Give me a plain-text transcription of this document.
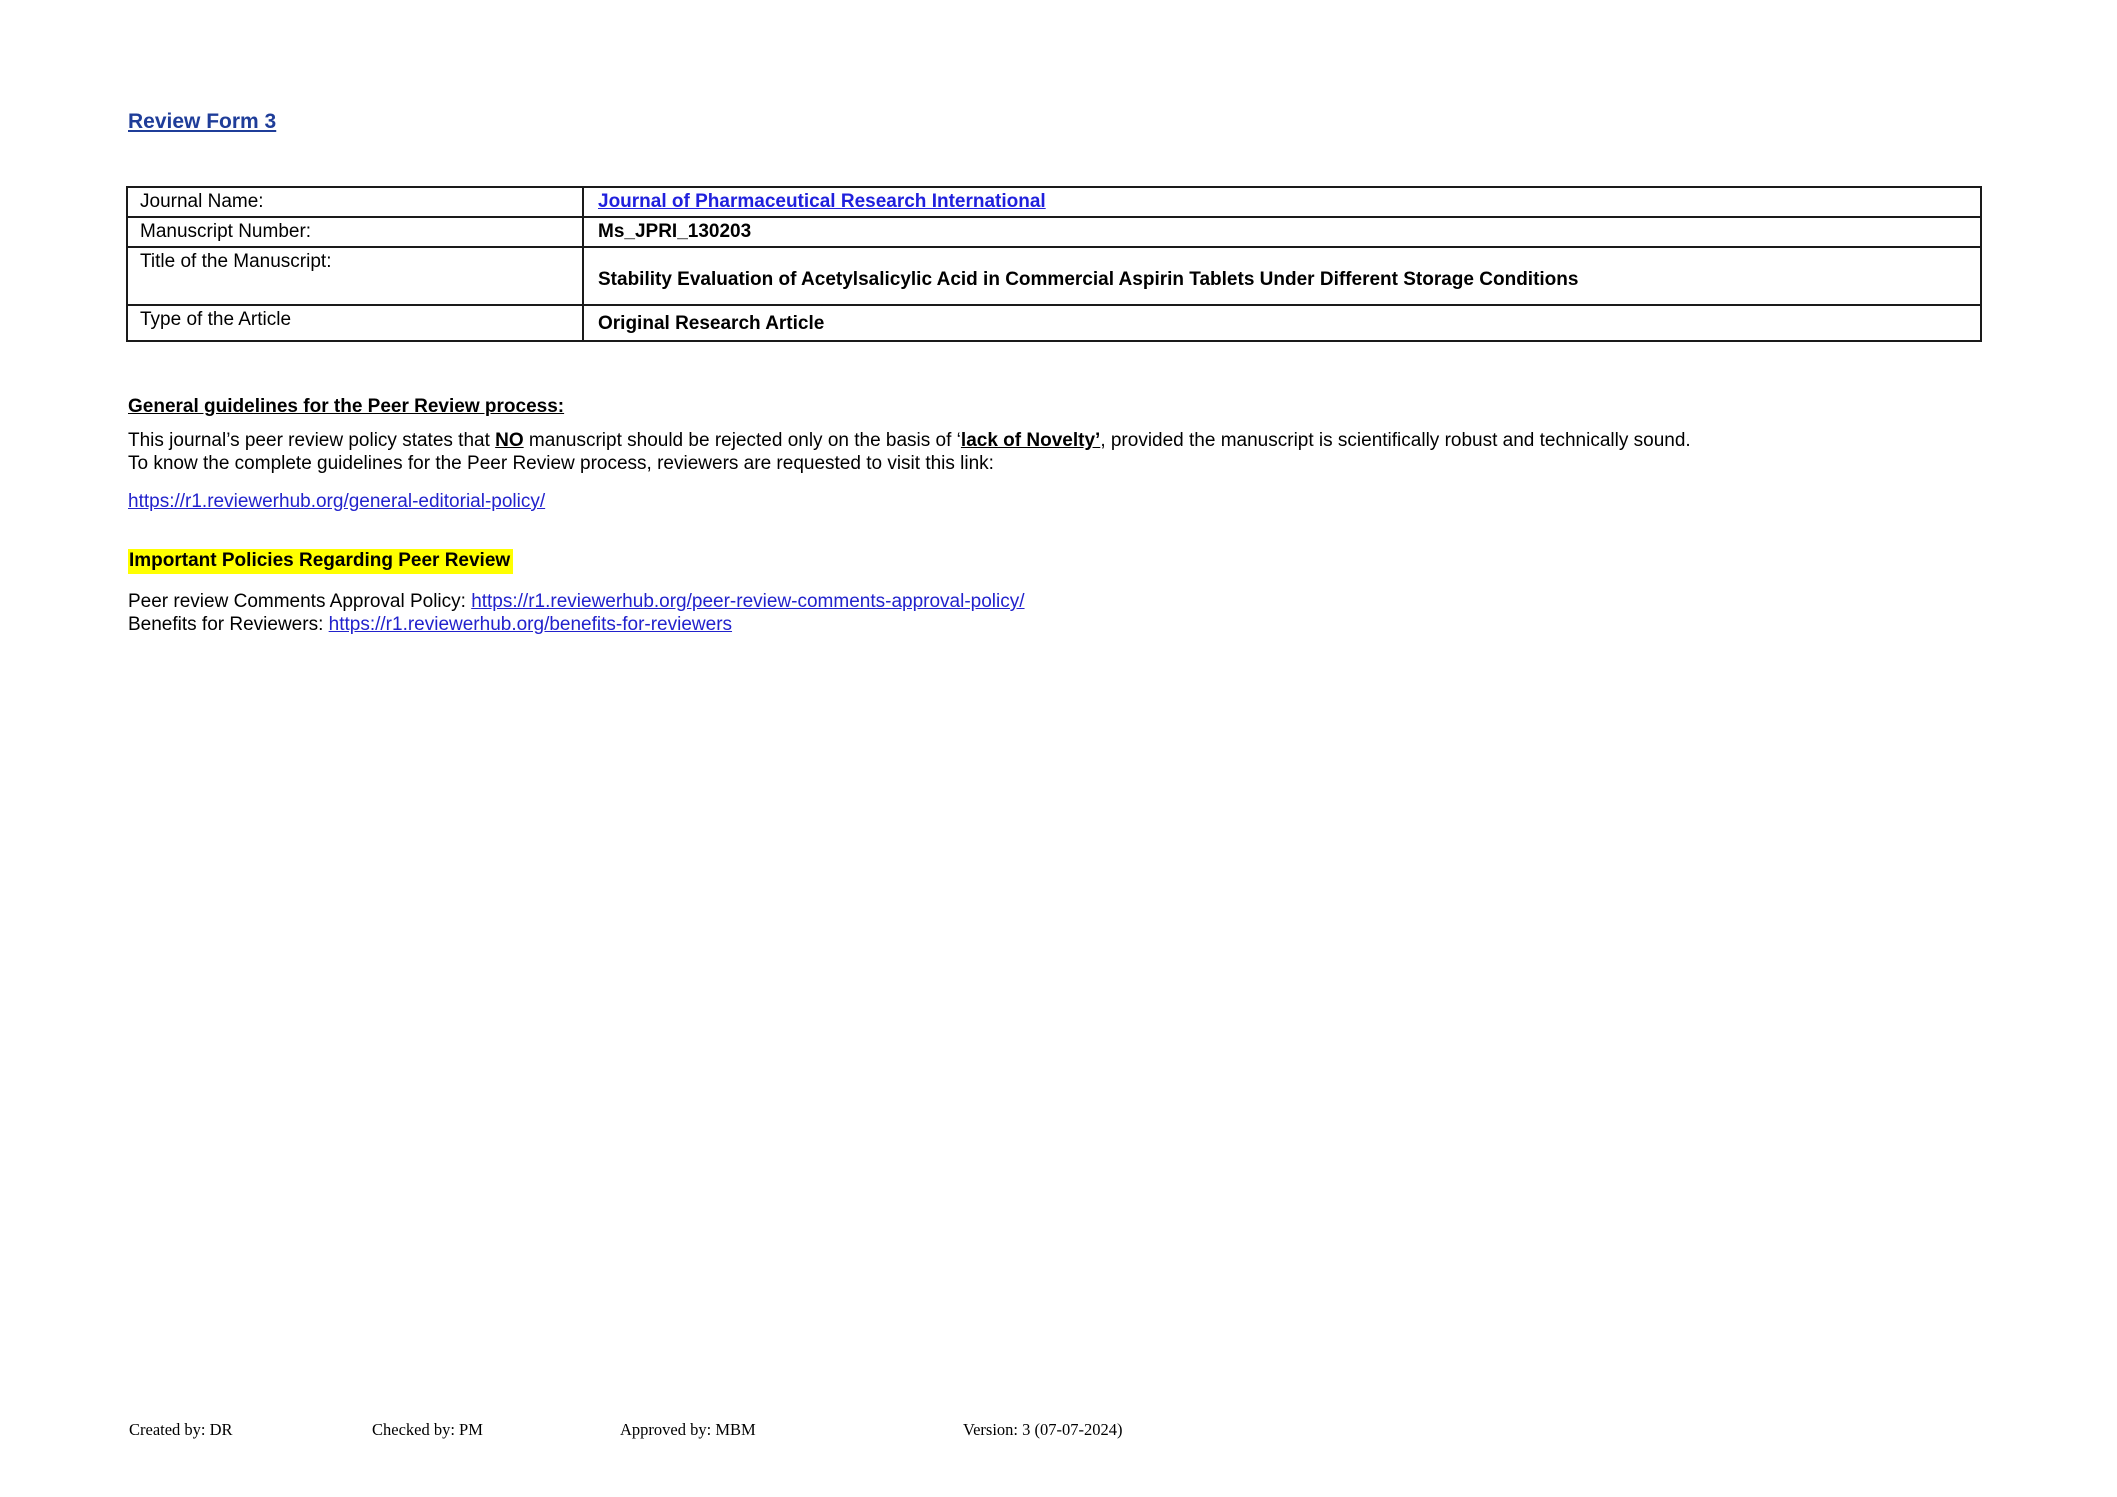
Review Form 3
Journal Name:	Journal of Pharmaceutical Research International
Manuscript Number:	Ms_JPRI_130203
Title of the Manuscript:	Stability Evaluation of Acetylsalicylic Acid in Commercial Aspirin Tablets Under Different Storage Conditions
Type of the Article	Original Research Article
General guidelines for the Peer Review process:
This journal’s peer review policy states that NO manuscript should be rejected only on the basis of ‘lack of Novelty’, provided the manuscript is scientifically robust and technically sound.
To know the complete guidelines for the Peer Review process, reviewers are requested to visit this link:
https://r1.reviewerhub.org/general-editorial-policy/
Important Policies Regarding Peer Review
Peer review Comments Approval Policy: https://r1.reviewerhub.org/peer-review-comments-approval-policy/
Benefits for Reviewers: https://r1.reviewerhub.org/benefits-for-reviewers
Created by: DR	Checked by: PM	Approved by: MBM	Version: 3 (07-07-2024)
